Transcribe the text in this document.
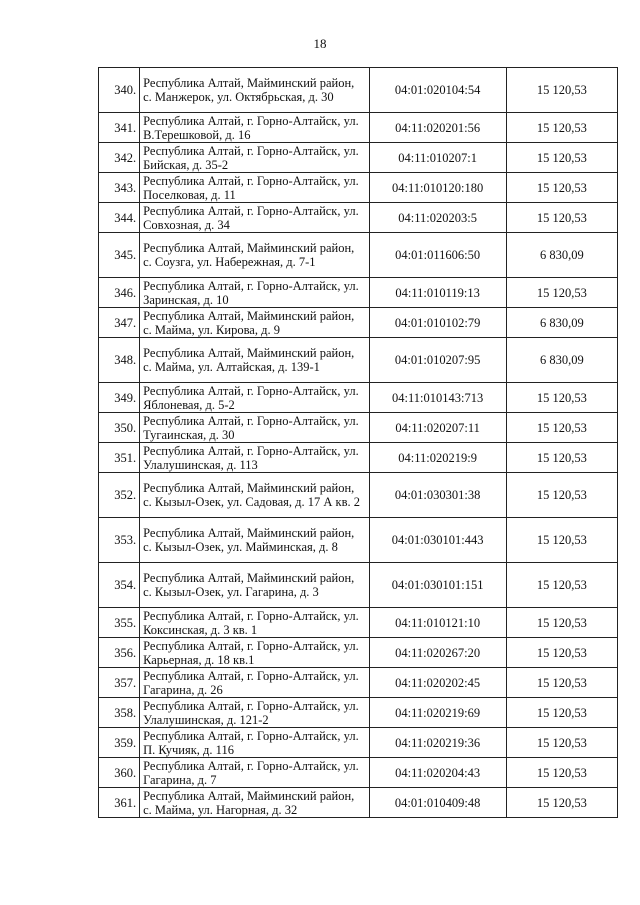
18
340.	Республика Алтай, Майминский район, с. Манжерок, ул. Октябрьская, д. 30	04:01:020104:54	15 120,53
341.	Республика Алтай, г. Горно-Алтайск, ул. В.Терешковой, д. 16	04:11:020201:56	15 120,53
342.	Республика Алтай, г. Горно-Алтайск, ул. Бийская, д. 35-2	04:11:010207:1	15 120,53
343.	Республика Алтай, г. Горно-Алтайск, ул. Поселковая, д. 11	04:11:010120:180	15 120,53
344.	Республика Алтай, г. Горно-Алтайск, ул. Совхозная, д. 34	04:11:020203:5	15 120,53
345.	Республика Алтай, Майминский район, с. Соузга, ул. Набережная, д. 7-1	04:01:011606:50	6 830,09
346.	Республика Алтай, г. Горно-Алтайск, ул. Заринская, д. 10	04:11:010119:13	15 120,53
347.	Республика Алтай, Майминский район, с. Майма, ул. Кирова, д. 9	04:01:010102:79	6 830,09
348.	Республика Алтай, Майминский район, с. Майма, ул. Алтайская, д. 139-1	04:01:010207:95	6 830,09
349.	Республика Алтай, г. Горно-Алтайск, ул. Яблоневая, д. 5-2	04:11:010143:713	15 120,53
350.	Республика Алтай, г. Горно-Алтайск, ул. Тугаинская, д. 30	04:11:020207:11	15 120,53
351.	Республика Алтай, г. Горно-Алтайск, ул. Улалушинская, д. 113	04:11:020219:9	15 120,53
352.	Республика Алтай, Майминский район, с. Кызыл-Озек, ул. Садовая, д. 17 А кв. 2	04:01:030301:38	15 120,53
353.	Республика Алтай, Майминский район, с. Кызыл-Озек, ул. Майминская, д. 8	04:01:030101:443	15 120,53
354.	Республика Алтай, Майминский район, с. Кызыл-Озек, ул. Гагарина, д. 3	04:01:030101:151	15 120,53
355.	Республика Алтай, г. Горно-Алтайск, ул. Коксинская, д. 3 кв. 1	04:11:010121:10	15 120,53
356.	Республика Алтай, г. Горно-Алтайск, ул. Карьерная, д. 18 кв.1	04:11:020267:20	15 120,53
357.	Республика Алтай, г. Горно-Алтайск, ул. Гагарина, д. 26	04:11:020202:45	15 120,53
358.	Республика Алтай, г. Горно-Алтайск, ул. Улалушинская, д. 121-2	04:11:020219:69	15 120,53
359.	Республика Алтай, г. Горно-Алтайск, ул. П. Кучияк, д. 116	04:11:020219:36	15 120,53
360.	Республика Алтай, г. Горно-Алтайск, ул. Гагарина, д. 7	04:11:020204:43	15 120,53
361.	Республика Алтай, Майминский район, с. Майма, ул. Нагорная, д. 32	04:01:010409:48	15 120,53
